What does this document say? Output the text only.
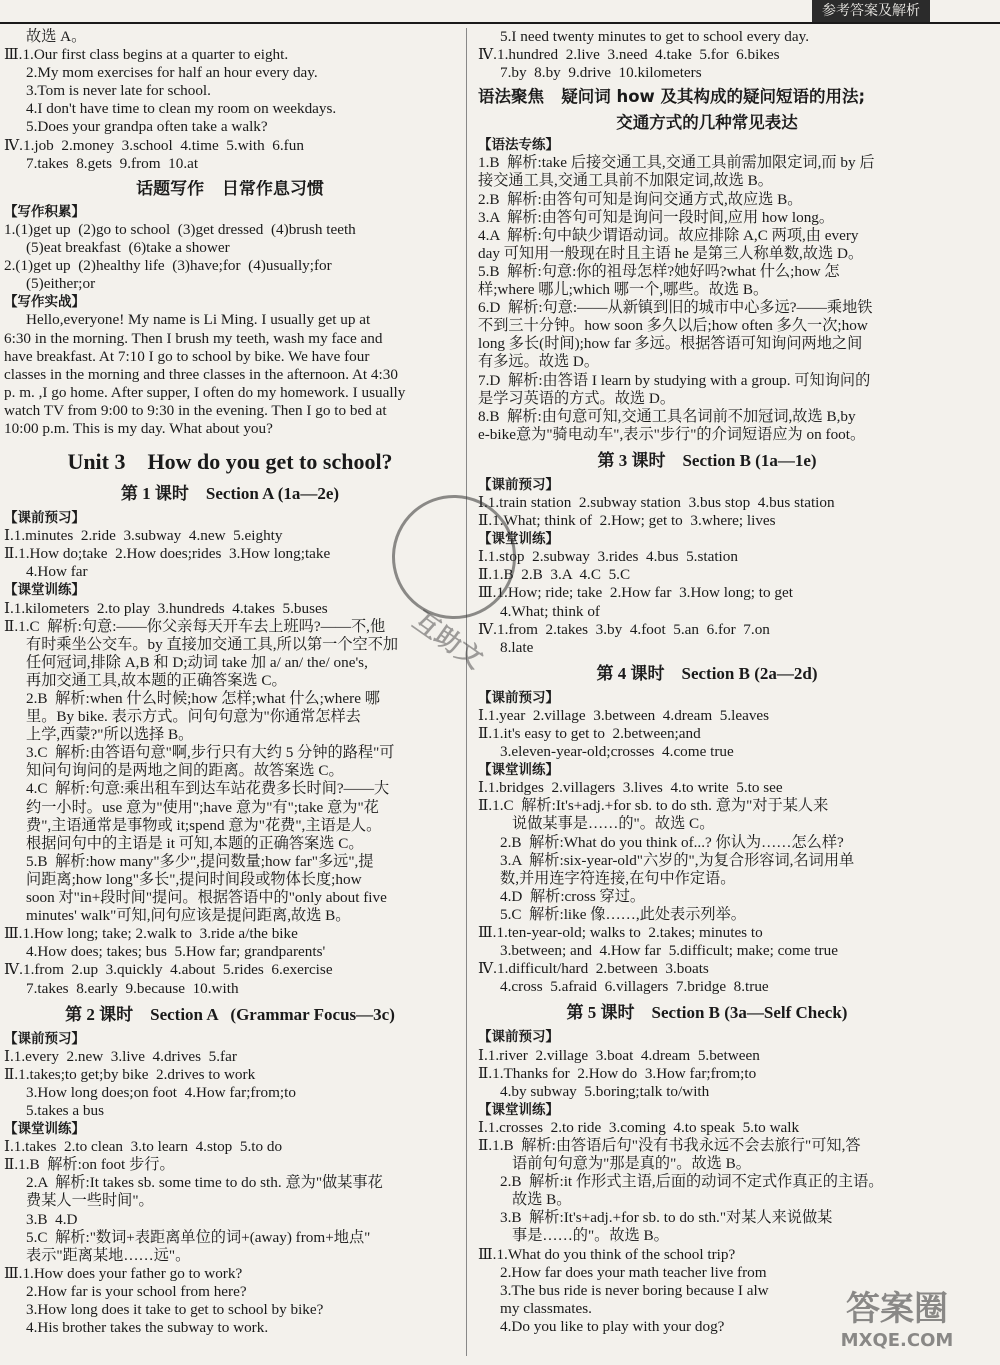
参考答案及解析
故选 A。
Ⅲ.1.Our first class begins at a quarter to eight.
2.My mom exercises for half an hour every day.
3.Tom is never late for school.
4.I don't have time to clean my room on weekdays.
5.Does your grandpa often take a walk?
Ⅳ.1.job  2.money  3.school  4.time  5.with  6.fun
7.takes  8.gets  9.from  10.at
话题写作   日常作息习惯
【写作积累】
1.(1)get up  (2)go to school  (3)get dressed  (4)brush teeth
(5)eat breakfast  (6)take a shower
2.(1)get up  (2)healthy life  (3)have;for  (4)usually;for
(5)either;or
【写作实战】
Hello,everyone! My name is Li Ming. I usually get up at
6:30 in the morning. Then I brush my teeth, wash my face and
have breakfast. At 7:10 I go to school by bike. We have four
classes in the morning and three classes in the afternoon. At 4:30
p. m. ,I go home. After supper, I often do my homework. I usually
watch TV from 9:00 to 9:30 in the evening. Then I go to bed at
10:00 p.m. This is my day. What about you?
Unit 3    How do you get to school?
第 1 课时    Section A (1a—2e)
【课前预习】
Ⅰ.1.minutes  2.ride  3.subway  4.new  5.eighty
Ⅱ.1.How do;take  2.How does;rides  3.How long;take
4.How far
【课堂训练】
Ⅰ.1.kilometers  2.to play  3.hundreds  4.takes  5.buses
Ⅱ.1.C  解析:句意:——你父亲每天开车去上班吗?——不,他
有时乘坐公交车。by 直接加交通工具,所以第一个空不加
任何冠词,排除 A,B 和 D;动词 take 加 a/ an/ the/ one's,
再加交通工具,故本题的正确答案选 C。
2.B  解析:when 什么时候;how 怎样;what 什么;where 哪
里。By bike. 表示方式。问句句意为"你通常怎样去
上学,西蒙?"所以选择 B。
3.C  解析:由答语句意"啊,步行只有大约 5 分钟的路程"可
知问句询问的是两地之间的距离。故答案选 C。
4.C  解析:句意:乘出租车到达车站花费多长时间?——大
约一小时。use 意为"使用";have 意为"有";take 意为"花
费",主语通常是事物或 it;spend 意为"花费",主语是人。
根据问句中的主语是 it 可知,本题的正确答案选 C。
5.B  解析:how many"多少",提问数量;how far"多远",提
问距离;how long"多长",提问时间段或物体长度;how
soon 对"in+段时间"提问。根据答语中的"only about five
minutes' walk"可知,问句应该是提问距离,故选 B。
Ⅲ.1.How long; take; 2.walk to  3.ride a/the bike
4.How does; takes; bus  5.How far; grandparents'
Ⅳ.1.from  2.up  3.quickly  4.about  5.rides  6.exercise
7.takes  8.early  9.because  10.with
第 2 课时    Section A   (Grammar Focus—3c)
【课前预习】
Ⅰ.1.every  2.new  3.live  4.drives  5.far
Ⅱ.1.takes;to get;by bike  2.drives to work
3.How long does;on foot  4.How far;from;to
5.takes a bus
【课堂训练】
Ⅰ.1.takes  2.to clean  3.to learn  4.stop  5.to do
Ⅱ.1.B  解析:on foot 步行。
2.A  解析:It takes sb. some time to do sth. 意为"做某事花
费某人一些时间"。
3.B  4.D
5.C  解析:"数词+表距离单位的词+(away) from+地点"
表示"距离某地……远"。
Ⅲ.1.How does your father go to work?
2.How far is your school from here?
3.How long does it take to get to school by bike?
4.His brother takes the subway to work.
5.I need twenty minutes to get to school every day.
Ⅳ.1.hundred  2.live  3.need  4.take  5.for  6.bikes
7.by  8.by  9.drive  10.kilometers
语法聚焦   疑问词 how 及其构成的疑问短语的用法;
交通方式的几种常见表达
【语法专练】
1.B  解析:take 后接交通工具,交通工具前需加限定词,而 by 后
接交通工具,交通工具前不加限定词,故选 B。
2.B  解析:由答句可知是询问交通方式,故应选 B。
3.A  解析:由答句可知是询问一段时间,应用 how long。
4.A  解析:句中缺少谓语动词。故应排除 A,C 两项,由 every
day 可知用一般现在时且主语 he 是第三人称单数,故选 D。
5.B  解析:句意:你的祖母怎样?她好吗?what 什么;how 怎
样;where 哪儿;which 哪一个,哪些。故选 B。
6.D  解析:句意:——从新镇到旧的城市中心多远?——乘地铁
不到三十分钟。how soon 多久以后;how often 多久一次;how
long 多长(时间);how far 多远。根据答语可知询问两地之间
有多远。故选 D。
7.D  解析:由答语 I learn by studying with a group. 可知询问的
是学习英语的方式。故选 D。
8.B  解析:由句意可知,交通工具名词前不加冠词,故选 B,by
e-bike意为"骑电动车",表示"步行"的介词短语应为 on foot。
第 3 课时    Section B (1a—1e)
【课前预习】
Ⅰ.1.train station  2.subway station  3.bus stop  4.bus station
Ⅱ.1.What; think of  2.How; get to  3.where; lives
【课堂训练】
Ⅰ.1.stop  2.subway  3.rides  4.bus  5.station
Ⅱ.1.B  2.B  3.A  4.C  5.C
Ⅲ.1.How; ride; take  2.How far  3.How long; to get
4.What; think of
Ⅳ.1.from  2.takes  3.by  4.foot  5.an  6.for  7.on
8.late
第 4 课时    Section B (2a—2d)
【课前预习】
Ⅰ.1.year  2.village  3.between  4.dream  5.leaves
Ⅱ.1.it's easy to get to  2.between;and
3.eleven-year-old;crosses  4.come true
【课堂训练】
Ⅰ.1.bridges  2.villagers  3.lives  4.to write  5.to see
Ⅱ.1.C  解析:It's+adj.+for sb. to do sth. 意为"对于某人来
说做某事是……的"。故选 C。
2.B  解析:What do you think of...? 你认为……怎么样?
3.A  解析:six-year-old"六岁的",为复合形容词,名词用单
数,并用连字符连接,在句中作定语。
4.D  解析:cross 穿过。
5.C  解析:like 像……,此处表示列举。
Ⅲ.1.ten-year-old; walks to  2.takes; minutes to
3.between; and  4.How far  5.difficult; make; come true
Ⅳ.1.difficult/hard  2.between  3.boats
4.cross  5.afraid  6.villagers  7.bridge  8.true
第 5 课时    Section B (3a—Self Check)
【课前预习】
Ⅰ.1.river  2.village  3.boat  4.dream  5.between
Ⅱ.1.Thanks for  2.How do  3.How far;from;to
4.by subway  5.boring;talk to/with
【课堂训练】
Ⅰ.1.crosses  2.to ride  3.coming  4.to speak  5.to walk
Ⅱ.1.B  解析:由答语后句"没有书我永远不会去旅行"可知,答
语前句句意为"那是真的"。故选 B。
2.B  解析:it 作形式主语,后面的动词不定式作真正的主语。
故选 B。
3.B  解析:It's+adj.+for sb. to do sth."对某人来说做某
事是……的"。故选 B。
Ⅲ.1.What do you think of the school trip?
2.How far does your math teacher live from
3.The bus ride is never boring because I alw
my classmates.
4.Do you like to play with your dog?
互助文
答案圈
MXQE.COM
